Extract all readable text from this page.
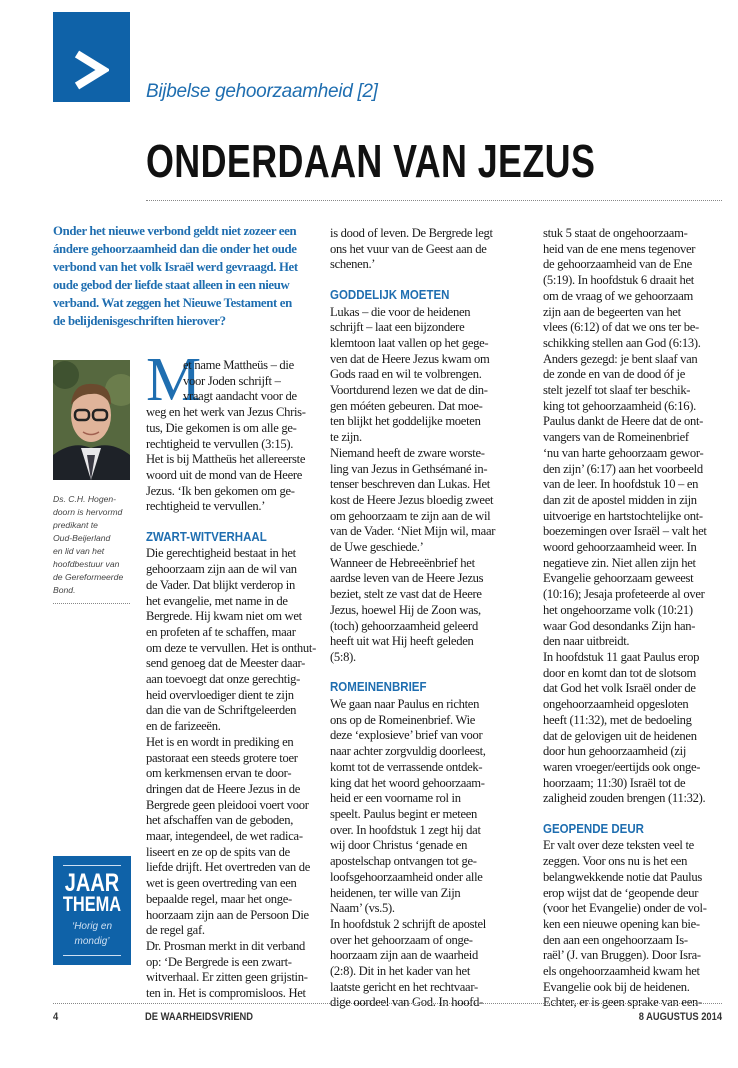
Bijbelse gehoorzaamheid [2]
ONDERDAAN VAN JEZUS
Onder het nieuwe verbond geldt niet zozeer een
ándere gehoorzaamheid dan die onder het oude
verbond van het volk Israël werd gevraagd. Het
oude gebod der liefde staat alleen in een nieuw
verband. Wat zeggen het Nieuwe Testament en
de belijdenisgeschriften hierover?
Ds. C.H. Hogen-
doorn is hervormd
predikant te
Oud-Beijerland
en lid van het
hoofdbestuur van
de Gereformeerde
Bond.
JAAR
THEMA
‘Horig en
mondig’
M
et name Mattheüs – die
voor Joden schrijft –
vraagt aandacht voor de
weg en het werk van Jezus Chris-
tus, Die gekomen is om alle ge-
rechtigheid te vervullen (3:15).
Het is bij Mattheüs het allereerste
woord uit de mond van de Heere
Jezus. ‘Ik ben gekomen om ge-
rechtigheid te vervullen.’
ZWART-WITVERHAAL
Die gerechtigheid bestaat in het
gehoorzaam zijn aan de wil van
de Vader. Dat blijkt verderop in
het evangelie, met name in de
Bergrede. Hij kwam niet om wet
en profeten af te schaffen, maar
om deze te vervullen. Het is onthut-
send genoeg dat de Meester daar-
aan toevoegt dat onze gerechtig-
heid overvloediger dient te zijn
dan die van de Schriftgeleerden
en de farizeeën.
Het is en wordt in prediking en
pastoraat een steeds grotere toer
om kerkmensen ervan te door-
dringen dat de Heere Jezus in de
Bergrede geen pleidooi voert voor
het afschaffen van de geboden,
maar, integendeel, de wet radica-
liseert en ze op de spits van de
liefde drijft. Het overtreden van de
wet is geen overtreding van een
bepaalde regel, maar het onge-
hoorzaam zijn aan de Persoon Die
de regel gaf.
Dr. Prosman merkt in dit verband
op: ‘De Bergrede is een zwart-
witverhaal. Er zitten geen grijstin-
ten in. Het is compromisloos. Het
is dood of leven. De Bergrede legt
ons het vuur van de Geest aan de
schenen.’
GODDELIJK MOETEN
Lukas – die voor de heidenen
schrijft – laat een bijzondere
klemtoon laat vallen op het gege-
ven dat de Heere Jezus kwam om
Gods raad en wil te volbrengen.
Voortdurend lezen we dat de din-
gen móéten gebeuren. Dat moe-
ten blijkt het goddelijke moeten
te zijn.
Niemand heeft de zware worste-
ling van Jezus in Gethsémané in-
tenser beschreven dan Lukas. Het
kost de Heere Jezus bloedig zweet
om gehoorzaam te zijn aan de wil
van de Vader. ‘Niet Mijn wil, maar
de Uwe geschiede.’
Wanneer de Hebreeënbrief het
aardse leven van de Heere Jezus
beziet, stelt ze vast dat de Heere
Jezus, hoewel Hij de Zoon was,
(toch) gehoorzaamheid geleerd
heeft uit wat Hij heeft geleden
(5:8).
ROMEINENBRIEF
We gaan naar Paulus en richten
ons op de Romeinenbrief. Wie
deze ‘explosieve’ brief van voor
naar achter zorgvuldig doorleest,
komt tot de verrassende ontdek-
king dat het woord gehoorzaam-
heid er een voorname rol in
speelt. Paulus begint er meteen
over. In hoofdstuk 1 zegt hij dat
wij door Christus ‘genade en
apostelschap ontvangen tot ge-
loofsgehoorzaamheid onder alle
heidenen, ter wille van Zijn
Naam’ (vs.5).
In hoofdstuk 2 schrijft de apostel
over het gehoorzaam of onge-
hoorzaam zijn aan de waarheid
(2:8). Dit in het kader van het
laatste gericht en het rechtvaar-
dige oordeel van God. In hoofd-
stuk 5 staat de ongehoorzaam-
heid van de ene mens tegenover
de gehoorzaamheid van de Ene
(5:19). In hoofdstuk 6 draait het
om de vraag of we gehoorzaam
zijn aan de begeerten van het
vlees (6:12) of dat we ons ter be-
schikking stellen aan God (6:13).
Anders gezegd: je bent slaaf van
de zonde en van de dood óf je
stelt jezelf tot slaaf ter beschik-
king tot gehoorzaamheid (6:16).
Paulus dankt de Heere dat de ont-
vangers van de Romeinenbrief
‘nu van harte gehoorzaam gewor-
den zijn’ (6:17) aan het voorbeeld
van de leer. In hoofdstuk 10 – en
dan zit de apostel midden in zijn
uitvoerige en hartstochtelijke ont-
boezemingen over Israël – valt het
woord gehoorzaamheid weer. In
negatieve zin. Niet allen zijn het
Evangelie gehoorzaam geweest
(10:16); Jesaja profeteerde al over
het ongehoorzame volk (10:21)
waar God desondanks Zijn han-
den naar uitbreidt.
In hoofdstuk 11 gaat Paulus erop
door en komt dan tot de slotsom
dat God het volk Israël onder de
ongehoorzaamheid opgesloten
heeft (11:32), met de bedoeling
dat de gelovigen uit de heidenen
door hun gehoorzaamheid (zij
waren vroeger/eertijds ook onge-
hoorzaam; 11:30) Israël tot de
zaligheid zouden brengen (11:32).
GEOPENDE DEUR
Er valt over deze teksten veel te
zeggen. Voor ons nu is het een
belangwekkende notie dat Paulus
erop wijst dat de ‘geopende deur
(voor het Evangelie) onder de vol-
ken een nieuwe opening kan bie-
den aan een ongehoorzaam Is-
raël’ (J. van Bruggen). Door Isra-
els ongehoorzaamheid kwam het
Evangelie ook bij de heidenen.
Echter, er is geen sprake van een-
4	DE WAARHEIDSVRIEND	8 AUGUSTUS 2014
